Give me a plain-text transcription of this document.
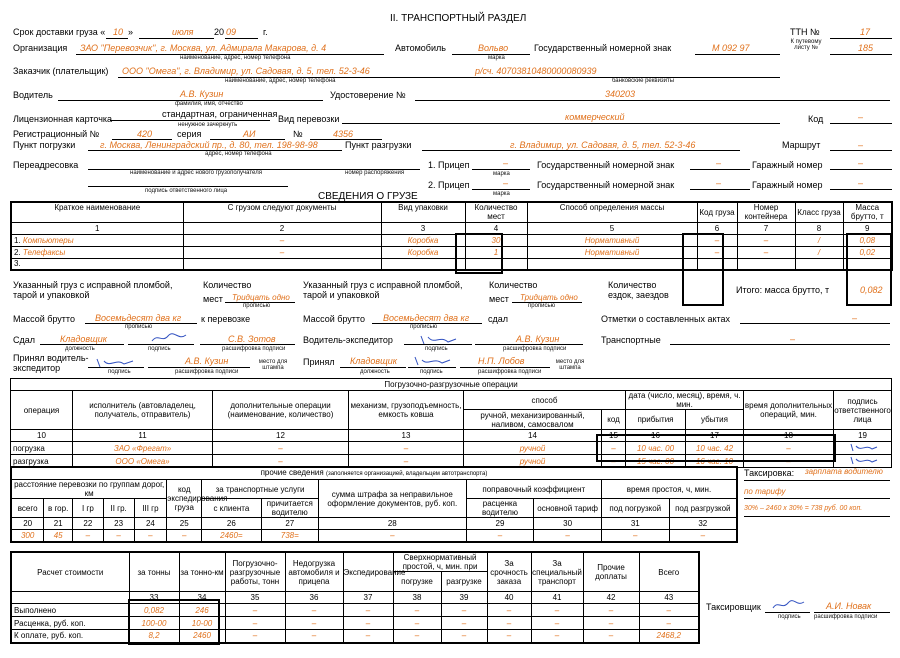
II. ТРАНСПОРТНЫЙ РАЗДЕЛ
Срок доставки груза « 10 »	июля 20 09	г.	ТТН №	17
К путевому листу №	185
Организация ЗАО "Перевозчик", г. Москва, ул. Адмирала Макарова, д. 4
наименование, адрес, номер телефона
Автомобиль	Вольво
марка
Государственный номерной знак	М 092 97
Заказчик (плательщик) ООО "Омега", г. Владимир, ул. Садовая, д. 5, тел. 52-3-46
наименование, адрес, номер телефона
р/сч. 40703810480000080939
банковские реквизиты
Водитель	А.В. Кузин
фамилия, имя, отчество
Удостоверение №	340203
Лицензионная карточка	стандартная, ограниченная
ненужное зачеркнуть
Вид перевозки	коммерческий	Код	–
Регистрационный №	420	серия	АИ	№	4356
Пункт погрузки	г. Москва, Ленинградский пр., д. 80, тел. 198-98-98
адрес, номер телефона
Пункт разгрузки	г. Владимир, ул. Садовая, д. 5, тел. 52-3-46	Маршрут	–
Переадресовка
наименование и адрес нового грузополучателя	номер распоряжения
подпись ответственного лица
1. Прицеп	–
марка
Государственный номерной знак	–	Гаражный номер	–
2. Прицеп	–
марка
Государственный номерной знак	–	Гаражный номер	–
СВЕДЕНИЯ О ГРУЗЕ
Краткое наименование	С грузом следуют документы	Вид упаковки	Количество мест	Способ определения массы	Код груза	Номер контейнера	Класс груза	Масса брутто, т
1	2	3	4	5	6	7	8	9
1. Компьютеры	–	Коробка	30	Нормативный	–	–	/	0,08
2. Телефаксы	–	Коробка	1	Нормативный	–	–	/	0,02
3.								
Указанный груз с исправной пломбой, тарой и упаковкой
Количество
мест Тридцать одно
прописью
Указанный груз с исправной пломбой, тарой и упаковкой
Количество
мест Тридцать одно
прописью
Количество ездок, заездов	Итого: масса брутто, т	0,082
Массой брутто Восемьдесят два кг
прописью
к перевозке	Массой брутто Восемьдесят два кг
прописью
сдал	Отметки о составленных актах	–
Сдал	Кладовщик
должность	подпись
С.В. Зотов
расшифровка подписи
Водитель-экспедитор
подпись
А.В. Кузин
расшифровка подписи
Транспортные	–
Принял водитель-экспедитор	подпись
А.В. Кузин
расшифровка подписи
место для штампа
Принял Кладовщик
должность	подпись
Н.П. Лобов
расшифровка подписи
место для штампа
Погрузочно-разгрузочные операции									
операция	исполнитель (автовладелец, получатель, отправитель)	дополнительные операции (наименование, количество)	механизм, грузоподъемность, емкость ковша	способ		дата (число, месяц), время, ч. мин.		время дополнительных операций, мин.	подпись ответственного лица
				ручной, механизированный, наливом, самосвалом	код	прибытия	убытия		
10	11	12	13	14	15	16	17	18	19
погрузка	ЗАО «Фрегат»	–	–	ручной	–	10 час. 00	10 час. 42	–	
разгрузка	ООО «Омега»	–	–	ручной	–	15 час. 00	16 час. 10	–	
прочие сведения (заполняется организацией, владельцем автотранспорта)												
расстояние перевозки по группам дорог, км					код экспедирования груза	за транспортные услуги		сумма штрафа за неправильное оформление документов, руб. коп.	поправочный коэффициент		время простоя, ч, мин.	
всего	в гор.	I гр	II гр.	III гр		с клиента	причитается водителю		расценка водителю	основной тариф	под погрузкой	под разгрузкой
20	21	22	23	24	25	26	27	28	29	30	31	32
300	45	–	–	–	–	2460=	738=	–	–	–	–	–
Таксировка: зарплата водителю
по тарифу
30% – 2460 х 30% = 738 руб. 00 коп.
Расчет стоимости	за тонны	за тонно-км	Погрузочно-разгрузочные работы, тонн	Недогрузка автомобиля и прицепа	Экспедирование	Сверхнормативный простой, ч, мин. при		За срочность заказа	За специальный транспорт	Прочие доплаты	Всего
						погрузке	разгрузке				
	33	34	35	36	37	38	39	40	41	42	43
Выполнено	0,082	246	–	–	–	–	–	–	–	–	–
Расценка, руб. коп.	100-00	10-00	–	–	–	–	–	–	–	–	–
К оплате, руб. коп.	8,2	2460	–	–	–	–	–	–	–	–	2468,2
Таксировщик
подпись
А.И. Новак
расшифровка подписи
